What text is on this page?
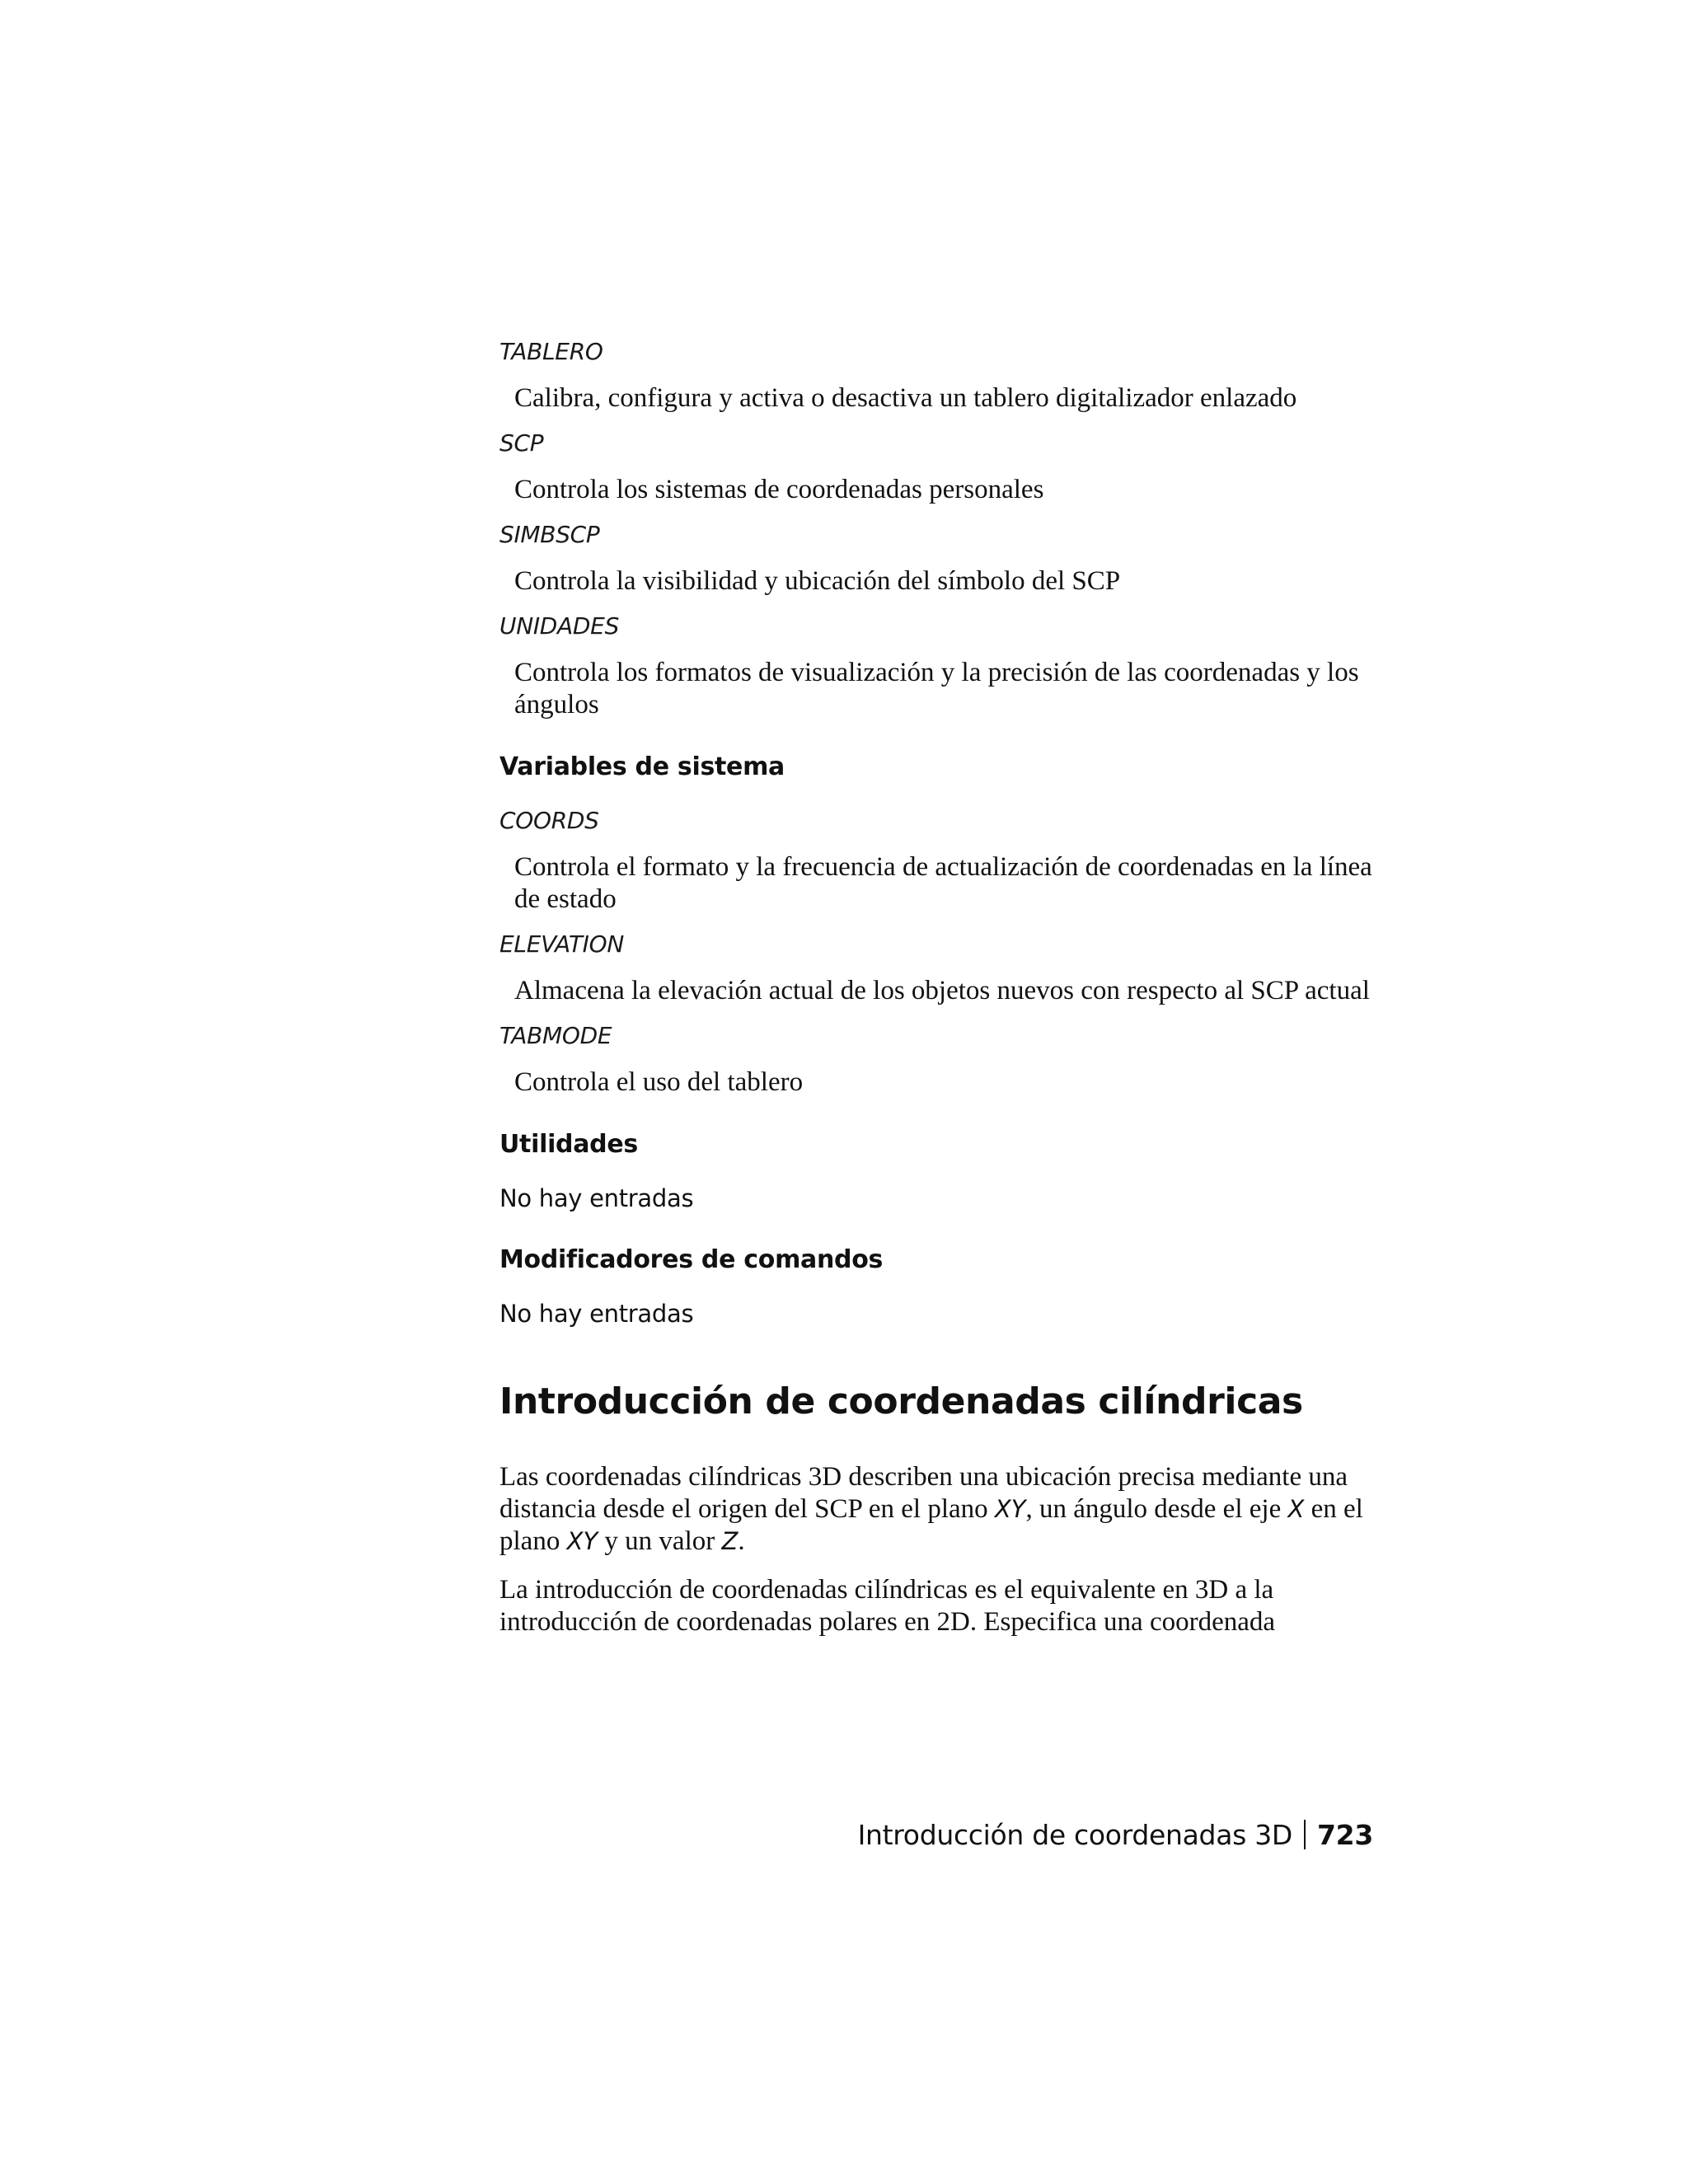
TABLERO
Calibra, configura y activa o desactiva un tablero digitalizador enlazado
SCP
Controla los sistemas de coordenadas personales
SIMBSCP
Controla la visibilidad y ubicación del símbolo del SCP
UNIDADES
Controla los formatos de visualización y la precisión de las coordenadas y los ángulos
Variables de sistema
COORDS
Controla el formato y la frecuencia de actualización de coordenadas en la línea de estado
ELEVATION
Almacena la elevación actual de los objetos nuevos con respecto al SCP actual
TABMODE
Controla el uso del tablero
Utilidades
No hay entradas
Modificadores de comandos
No hay entradas
Introducción de coordenadas cilíndricas

Las coordenadas cilíndricas 3D describen una ubicación precisa mediante una distancia desde el origen del SCP en el plano XY, un ángulo desde el eje X en el plano XY y un valor Z.

La introducción de coordenadas cilíndricas es el equivalente en 3D a la introducción de coordenadas polares en 2D. Especifica una coordenada

Introducción de coordenadas 3D 723
